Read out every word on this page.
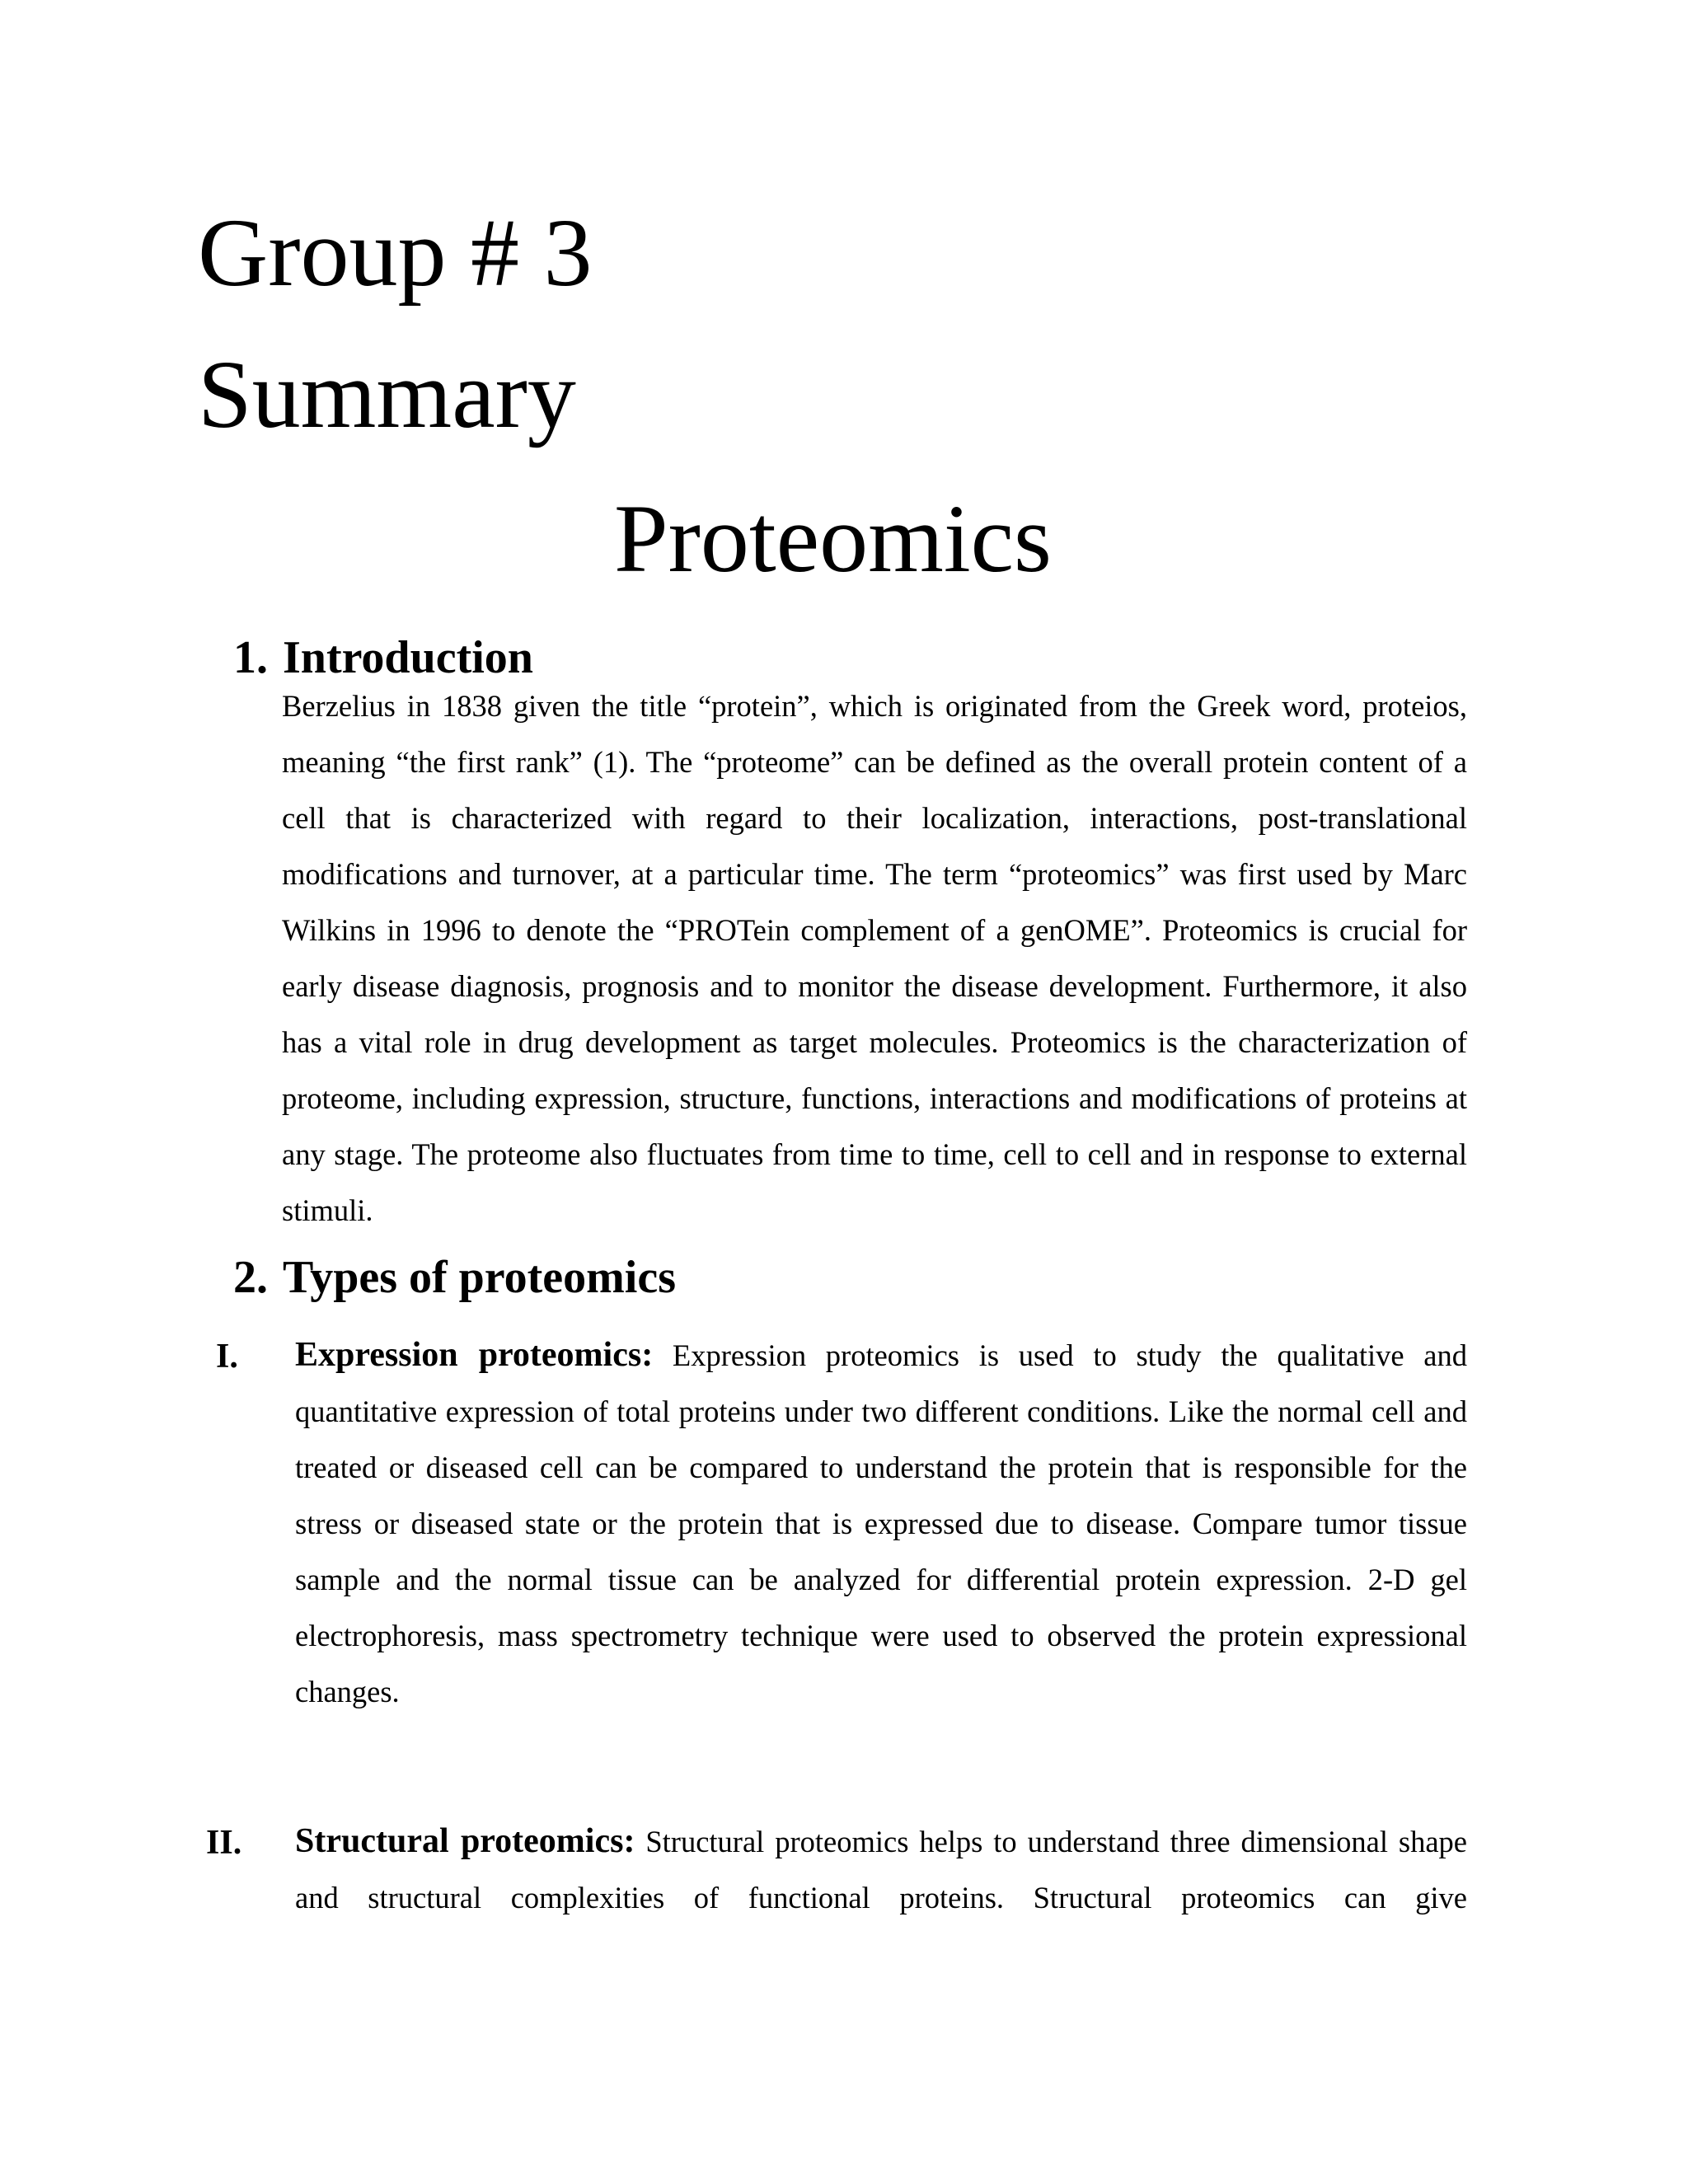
Group # 3
Summary
Proteomics
1. Introduction
Berzelius in 1838 given the title “protein”, which is originated from the Greek word, proteios, meaning “the first rank” (1). The “proteome” can be defined as the overall protein content of a cell that is characterized with regard to their localization, interactions, post-translational modifications and turnover, at a particular time. The term “proteomics” was first used by Marc Wilkins in 1996 to denote the “PROTein complement of a genOME”. Proteomics is crucial for early disease diagnosis, prognosis and to monitor the disease development. Furthermore, it also has a vital role in drug development as target molecules. Proteomics is the characterization of proteome, including expression, structure, functions, interactions and modifications of proteins at any stage. The proteome also fluctuates from time to time, cell to cell and in response to external stimuli.
2. Types of proteomics
I. Expression proteomics: Expression proteomics is used to study the qualitative and quantitative expression of total proteins under two different conditions. Like the normal cell and treated or diseased cell can be compared to understand the protein that is responsible for the stress or diseased state or the protein that is expressed due to disease. Compare tumor tissue sample and the normal tissue can be analyzed for differential protein expression. 2-D gel electrophoresis, mass spectrometry technique were used to observed the protein expressional changes.
II. Structural proteomics: Structural proteomics helps to understand three dimensional shape and structural complexities of functional proteins. Structural proteomics can give
